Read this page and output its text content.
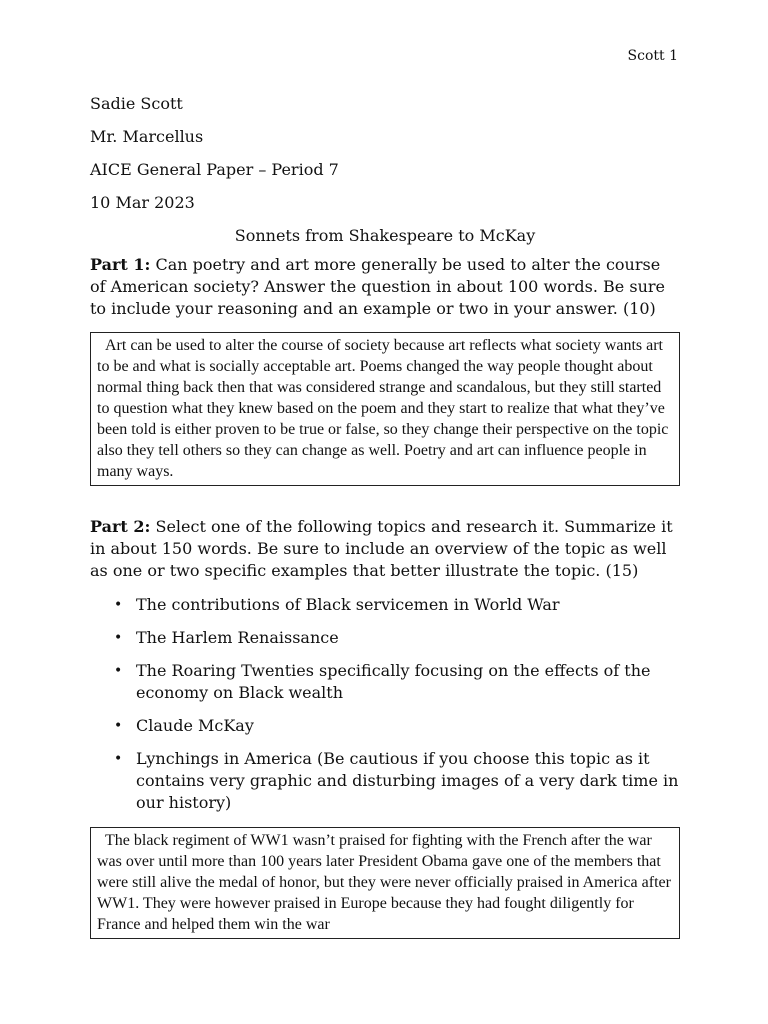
Scott 1
Sadie Scott
Mr. Marcellus
AICE General Paper – Period 7
10 Mar 2023
Sonnets from Shakespeare to McKay

Part 1: Can poetry and art more generally be used to alter the course of American society? Answer the question in about 100 words. Be sure to include your reasoning and an example or two in your answer. (10)

Art can be used to alter the course of society because art reflects what society wants art to be and what is socially acceptable art. Poems changed the way people thought about normal thing back then that was considered strange and scandalous, but they still started to question what they knew based on the poem and they start to realize that what they’ve been told is either proven to be true or false, so they change their perspective on the topic also they tell others so they can change as well. Poetry and art can influence people in many ways.

Part 2: Select one of the following topics and research it. Summarize it in about 150 words. Be sure to include an overview of the topic as well as one or two specific examples that better illustrate the topic. (15)

• The contributions of Black servicemen in World War
• The Harlem Renaissance
• The Roaring Twenties specifically focusing on the effects of the economy on Black wealth
• Claude McKay
• Lynchings in America (Be cautious if you choose this topic as it contains very graphic and disturbing images of a very dark time in our history)
The black regiment of WW1 wasn’t praised for fighting with the French after the war was over until more than 100 years later President Obama gave one of the members that were still alive the medal of honor, but they were never officially praised in America after WW1. They were however praised in Europe because they had fought diligently for France and helped them win the war
